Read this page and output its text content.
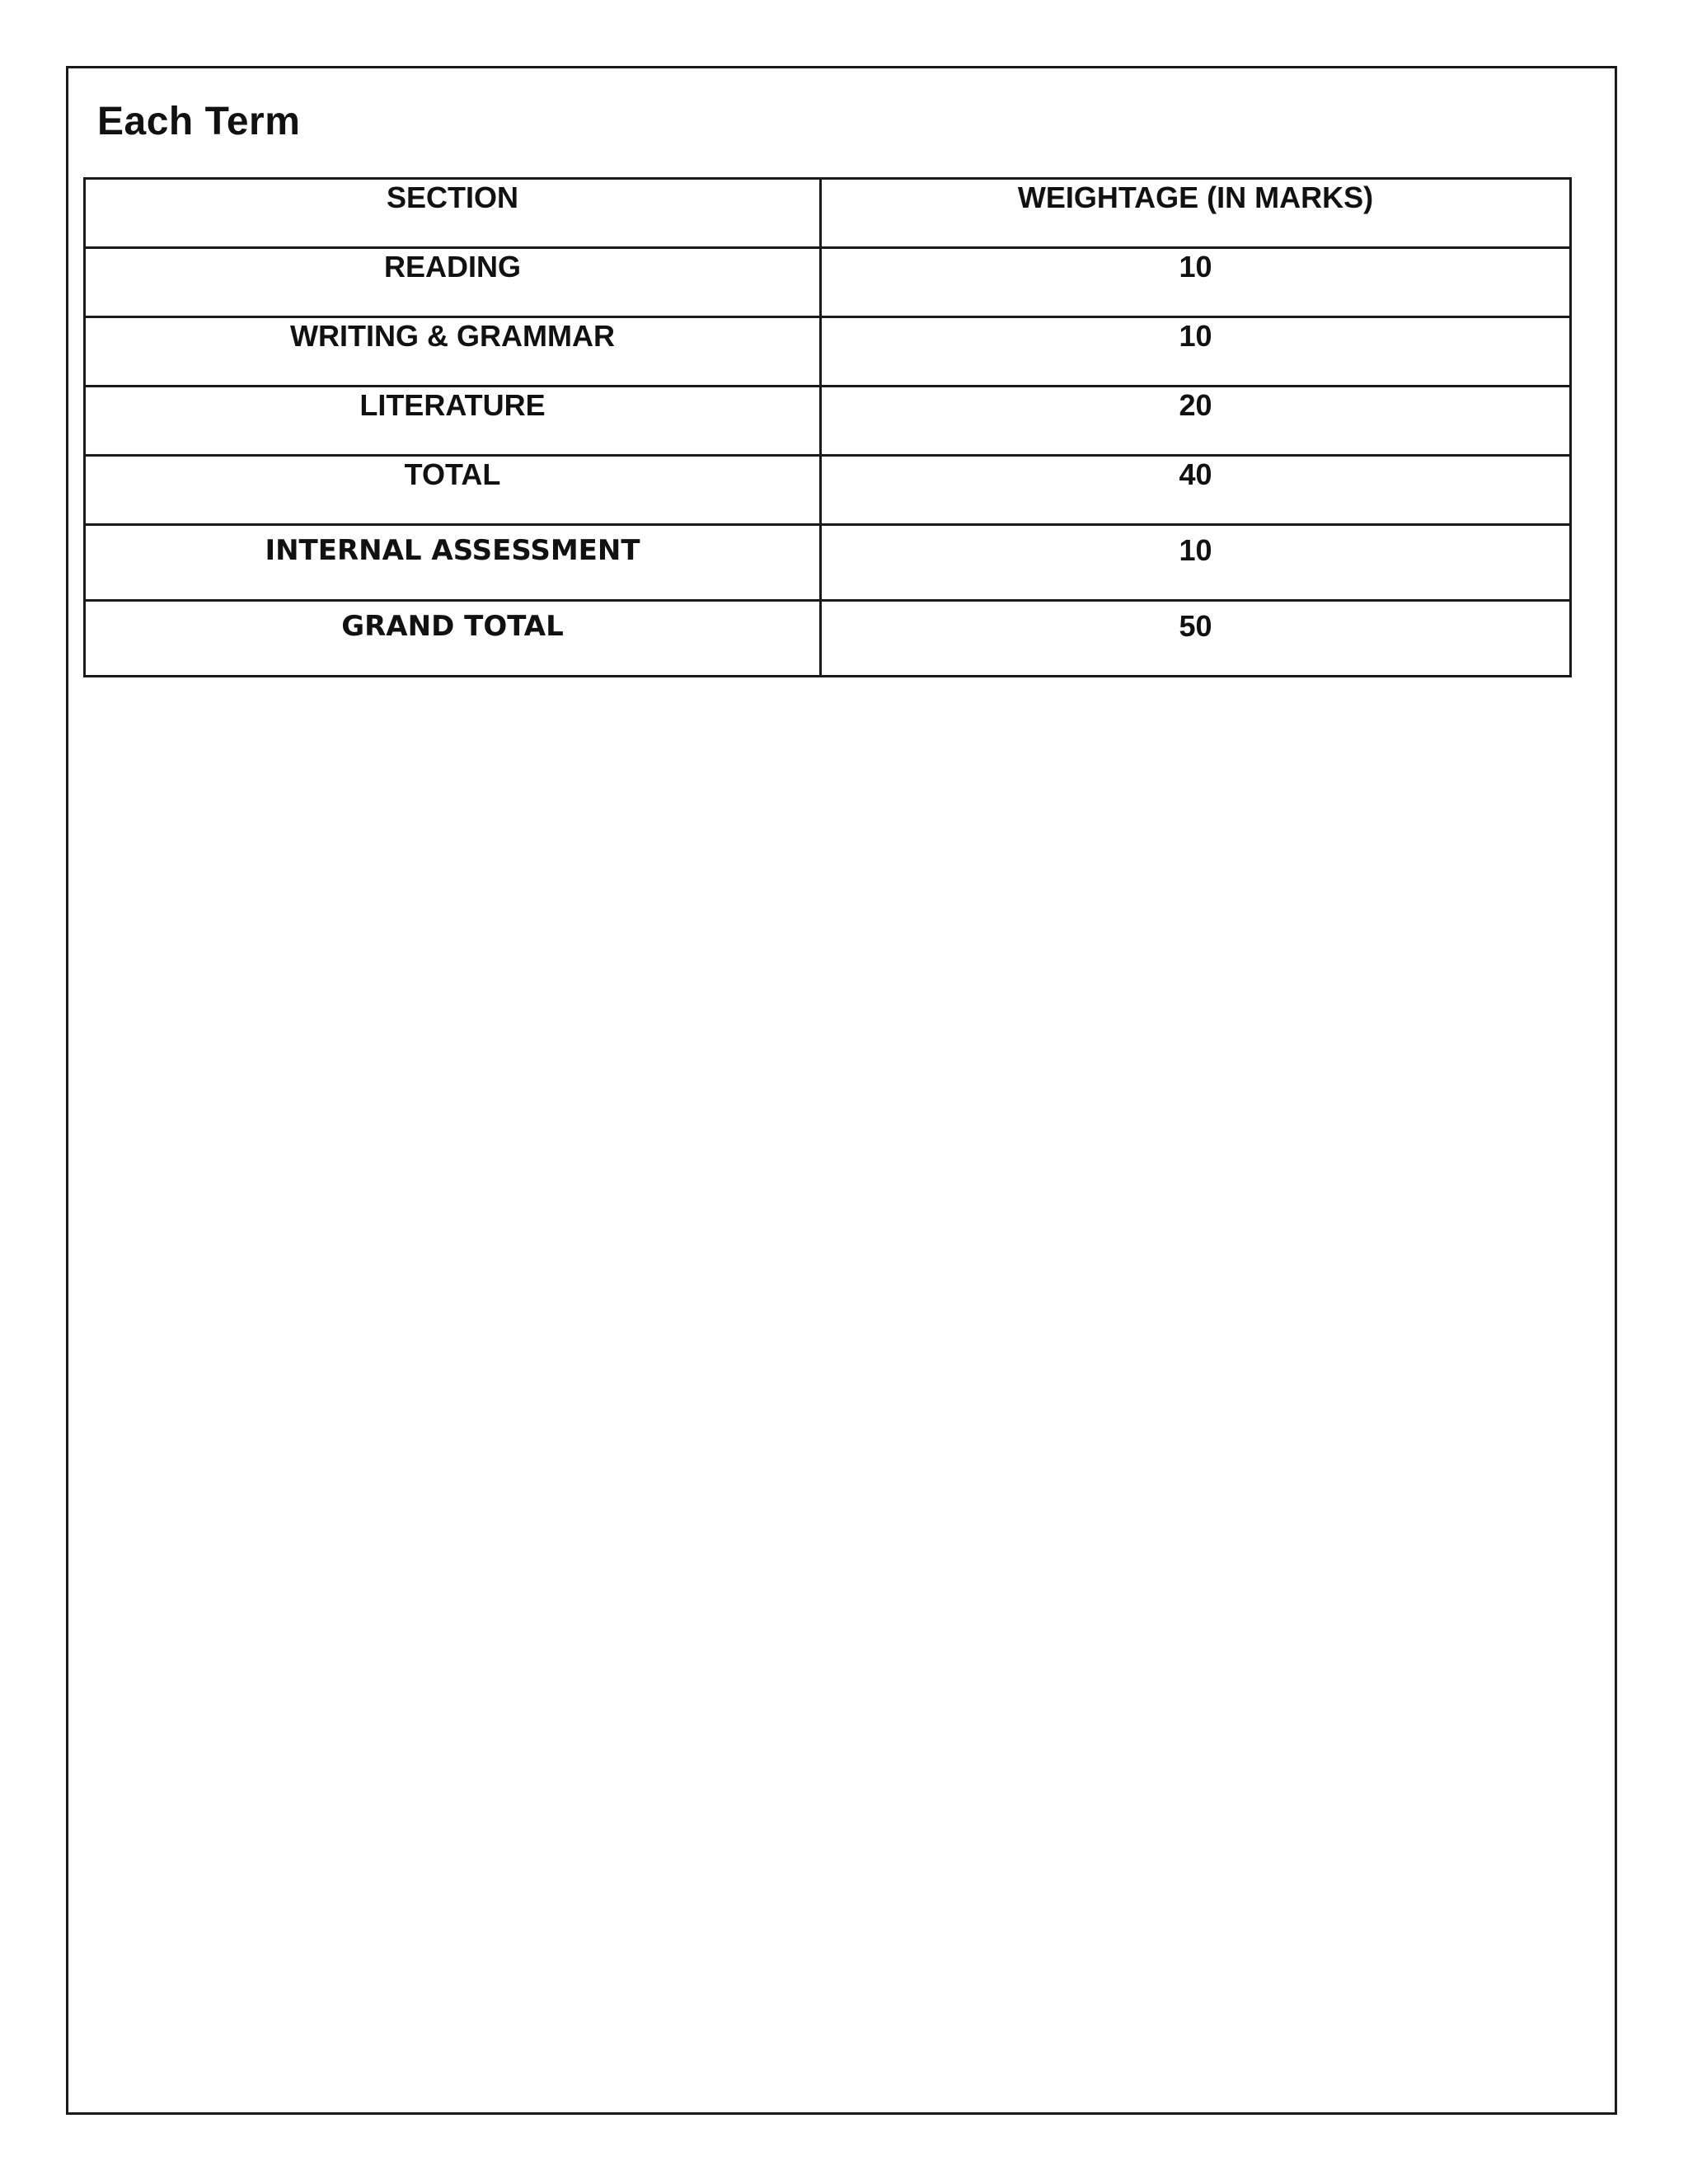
Each Term
SECTION	WEIGHTAGE (IN MARKS)
READING	10
WRITING & GRAMMAR	10
LITERATURE	20
TOTAL	40
INTERNAL ASSESSMENT	10
GRAND TOTAL	50
